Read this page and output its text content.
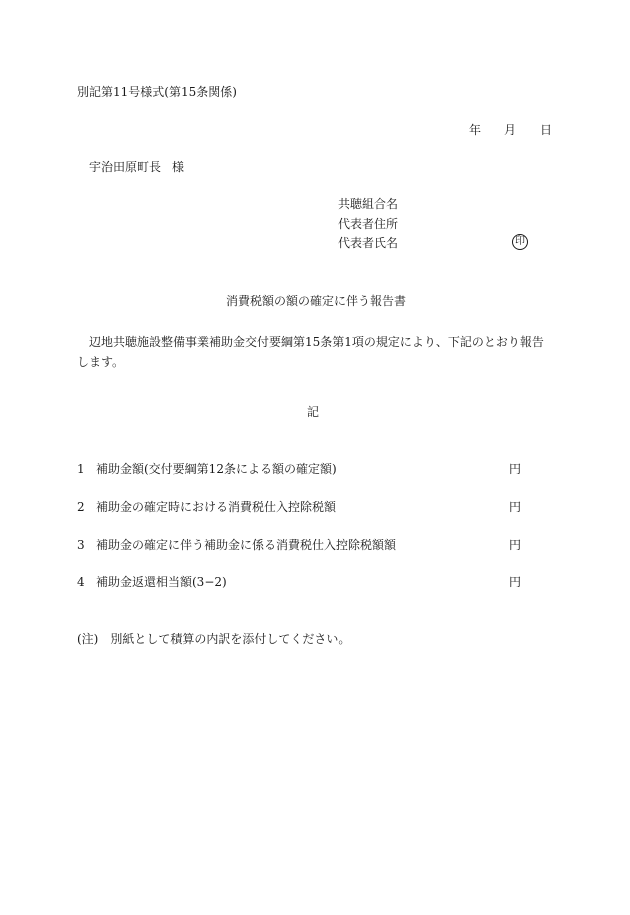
別記第11号様式(第15条関係)
年 月 日
宇治田原町長 様
共聴組合名
代表者住所
代表者氏名	印
消費税額の額の確定に伴う報告書
辺地共聴施設整備事業補助金交付要綱第15条第1項の規定により、下記のとおり報告します。
記
1 補助金額(交付要綱第12条による額の確定額)	円
2 補助金の確定時における消費税仕入控除税額	円
3 補助金の確定に伴う補助金に係る消費税仕入控除税額額	円
4 補助金返還相当額(3−2)	円
(注)　別紙として積算の内訳を添付してください。
